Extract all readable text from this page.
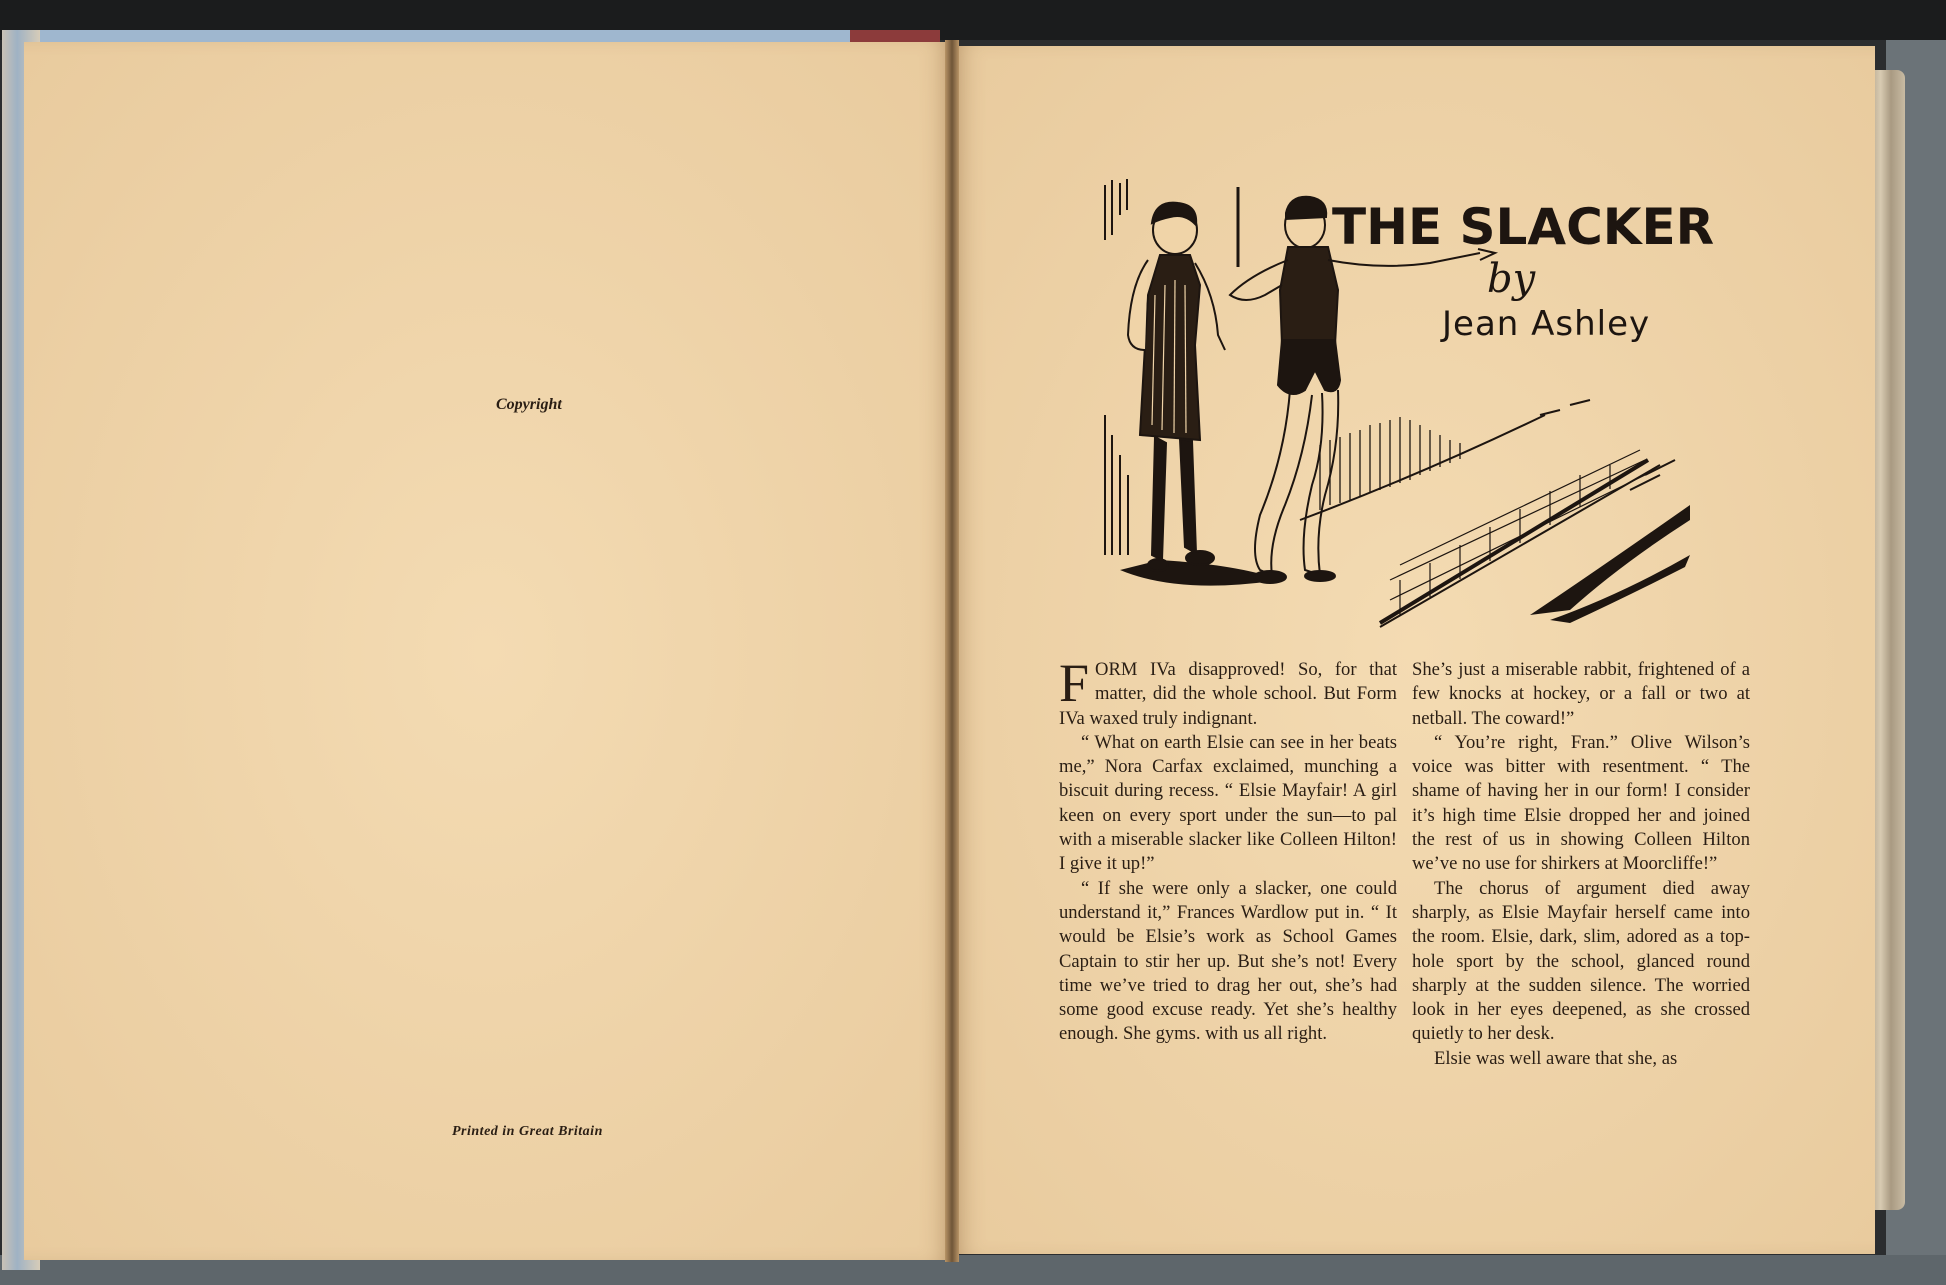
Copyright
Printed in Great Britain
THE SLACKER
by
Jean Ashley

FORM IVa disapproved! So, for that matter, did the whole school. But Form IVa waxed truly indignant.

“ What on earth Elsie can see in her beats me,” Nora Carfax exclaimed, munching a biscuit during recess. “ Elsie Mayfair! A girl keen on every sport under the sun—to pal with a miserable slacker like Colleen Hilton! I give it up!”

“ If she were only a slacker, one could understand it,” Frances Wardlow put in. “ It would be Elsie’s work as School Games Captain to stir her up. But she’s not! Every time we’ve tried to drag her out, she’s had some good excuse ready. Yet she’s healthy enough. She gyms. with us all right.

She’s just a miserable rabbit, frightened of a few knocks at hockey, or a fall or two at netball. The coward!”

“ You’re right, Fran.” Olive Wilson’s voice was bitter with resentment. “ The shame of having her in our form! I consider it’s high time Elsie dropped her and joined the rest of us in showing Colleen Hilton we’ve no use for shirkers at Moorcliffe!”

The chorus of argument died away sharply, as Elsie Mayfair herself came into the room. Elsie, dark, slim, adored as a top-hole sport by the school, glanced round sharply at the sudden silence. The worried look in her eyes deepened, as she crossed quietly to her desk.

Elsie was well aware that she, as
